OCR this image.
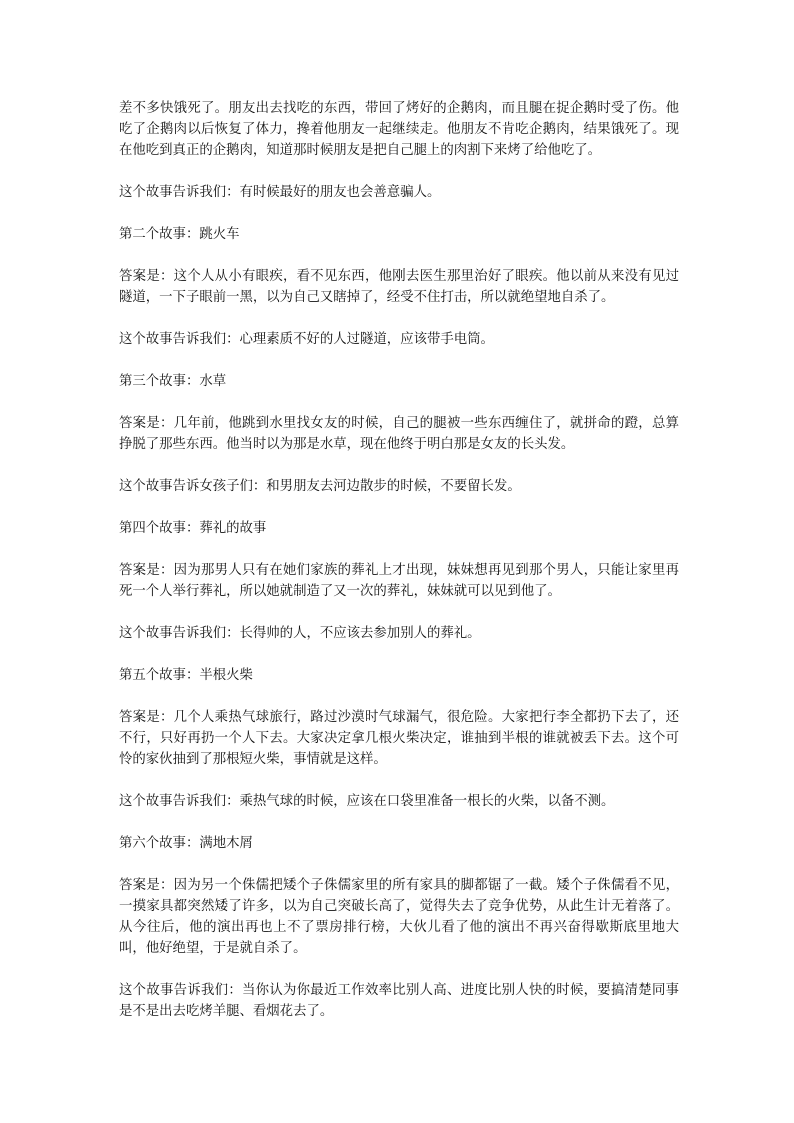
差不多快饿死了。朋友出去找吃的东西，带回了烤好的企鹅肉，而且腿在捉企鹅时受了伤。他吃了企鹅肉以后恢复了体力，搀着他朋友一起继续走。他朋友不肯吃企鹅肉，结果饿死了。现在他吃到真正的企鹅肉，知道那时候朋友是把自己腿上的肉割下来烤了给他吃了。

这个故事告诉我们：有时候最好的朋友也会善意骗人。

第二个故事：跳火车

答案是：这个人从小有眼疾，看不见东西，他刚去医生那里治好了眼疾。他以前从来没有见过隧道，一下子眼前一黑，以为自己又瞎掉了，经受不住打击，所以就绝望地自杀了。

这个故事告诉我们：心理素质不好的人过隧道，应该带手电筒。

第三个故事：水草

答案是：几年前，他跳到水里找女友的时候，自己的腿被一些东西缠住了，就拼命的蹬，总算挣脱了那些东西。他当时以为那是水草，现在他终于明白那是女友的长头发。

这个故事告诉女孩子们：和男朋友去河边散步的时候，不要留长发。

第四个故事：葬礼的故事

答案是：因为那男人只有在她们家族的葬礼上才出现，妹妹想再见到那个男人，只能让家里再死一个人举行葬礼，所以她就制造了又一次的葬礼，妹妹就可以见到他了。

这个故事告诉我们：长得帅的人，不应该去参加别人的葬礼。

第五个故事：半根火柴

答案是：几个人乘热气球旅行，路过沙漠时气球漏气，很危险。大家把行李全都扔下去了，还不行，只好再扔一个人下去。大家决定拿几根火柴决定，谁抽到半根的谁就被丢下去。这个可怜的家伙抽到了那根短火柴，事情就是这样。

这个故事告诉我们：乘热气球的时候，应该在口袋里准备一根长的火柴，以备不测。

第六个故事：满地木屑

答案是：因为另一个侏儒把矮个子侏儒家里的所有家具的脚都锯了一截。矮个子侏儒看不见，一摸家具都突然矮了许多，以为自己突破长高了，觉得失去了竞争优势，从此生计无着落了。从今往后，他的演出再也上不了票房排行榜，大伙儿看了他的演出不再兴奋得歇斯底里地大叫，他好绝望，于是就自杀了。

这个故事告诉我们：当你认为你最近工作效率比别人高、进度比别人快的时候，要搞清楚同事是不是出去吃烤羊腿、看烟花去了。
